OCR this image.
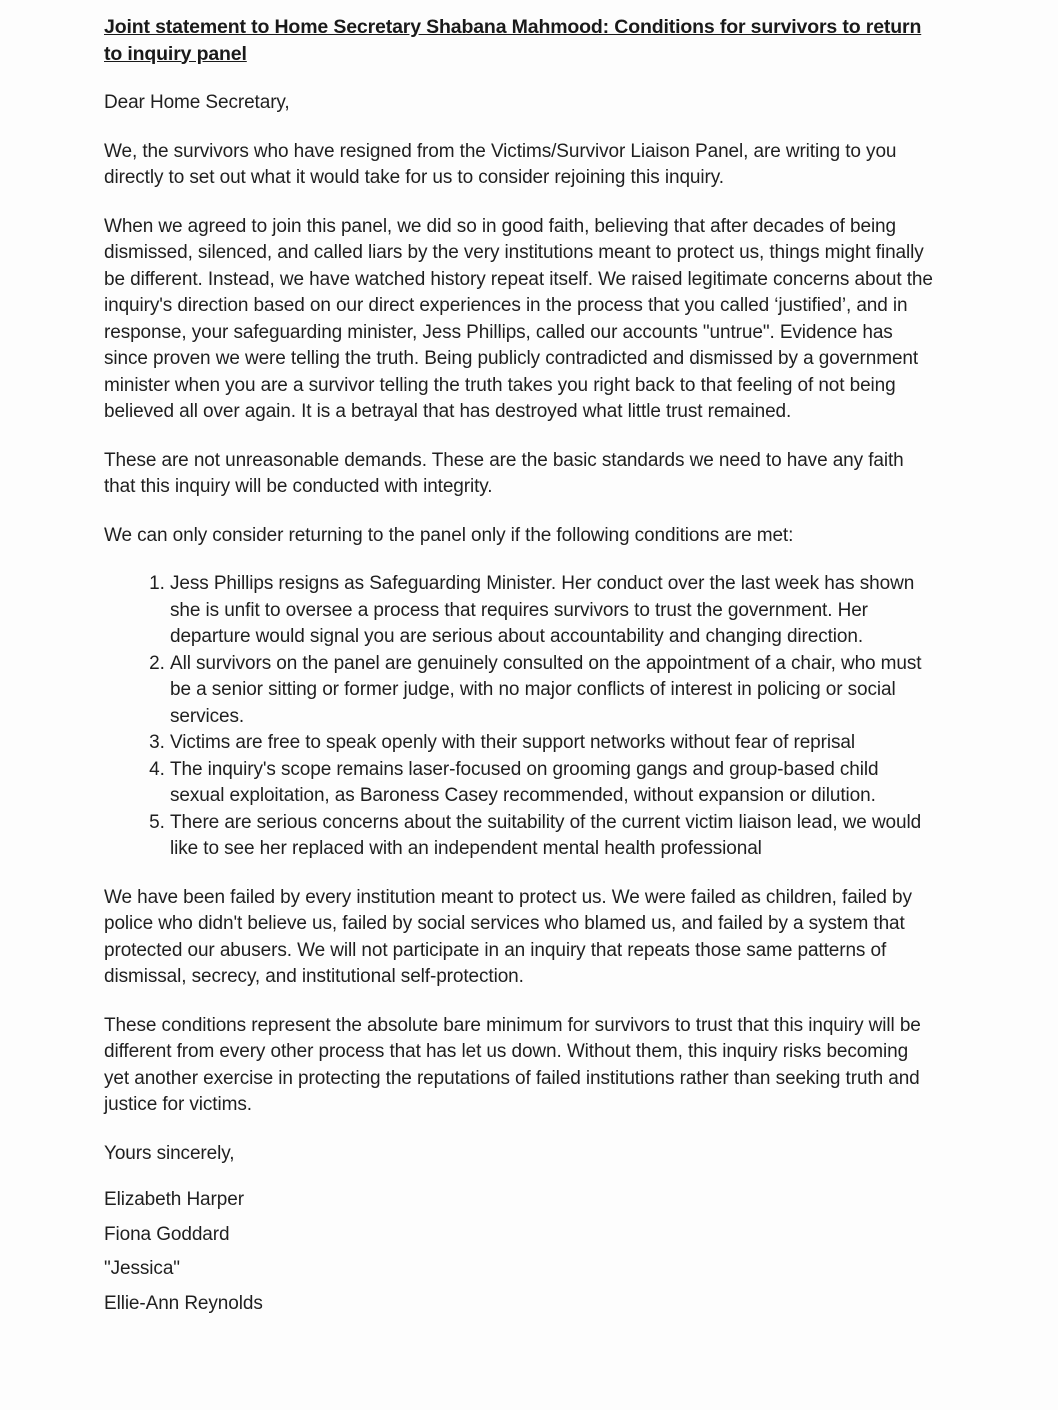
Joint statement to Home Secretary Shabana Mahmood: Conditions for survivors to return to inquiry panel

Dear Home Secretary,

We, the survivors who have resigned from the Victims/Survivor Liaison Panel, are writing to you directly to set out what it would take for us to consider rejoining this inquiry.

When we agreed to join this panel, we did so in good faith, believing that after decades of being dismissed, silenced, and called liars by the very institutions meant to protect us, things might finally be different. Instead, we have watched history repeat itself. We raised legitimate concerns about the inquiry's direction based on our direct experiences in the process that you called ‘justified’, and in response, your safeguarding minister, Jess Phillips, called our accounts "untrue". Evidence has since proven we were telling the truth. Being publicly contradicted and dismissed by a government minister when you are a survivor telling the truth takes you right back to that feeling of not being believed all over again. It is a betrayal that has destroyed what little trust remained.

These are not unreasonable demands. These are the basic standards we need to have any faith that this inquiry will be conducted with integrity.

We can only consider returning to the panel only if the following conditions are met:

1. Jess Phillips resigns as Safeguarding Minister. Her conduct over the last week has shown she is unfit to oversee a process that requires survivors to trust the government. Her departure would signal you are serious about accountability and changing direction.
2. All survivors on the panel are genuinely consulted on the appointment of a chair, who must be a senior sitting or former judge, with no major conflicts of interest in policing or social services.
3. Victims are free to speak openly with their support networks without fear of reprisal
4. The inquiry's scope remains laser-focused on grooming gangs and group-based child sexual exploitation, as Baroness Casey recommended, without expansion or dilution.
5. There are serious concerns about the suitability of the current victim liaison lead, we would like to see her replaced with an independent mental health professional

We have been failed by every institution meant to protect us. We were failed as children, failed by police who didn't believe us, failed by social services who blamed us, and failed by a system that protected our abusers. We will not participate in an inquiry that repeats those same patterns of dismissal, secrecy, and institutional self-protection.

These conditions represent the absolute bare minimum for survivors to trust that this inquiry will be different from every other process that has let us down. Without them, this inquiry risks becoming yet another exercise in protecting the reputations of failed institutions rather than seeking truth and justice for victims.

Yours sincerely,

Elizabeth Harper

Fiona Goddard

"Jessica"

Ellie-Ann Reynolds
